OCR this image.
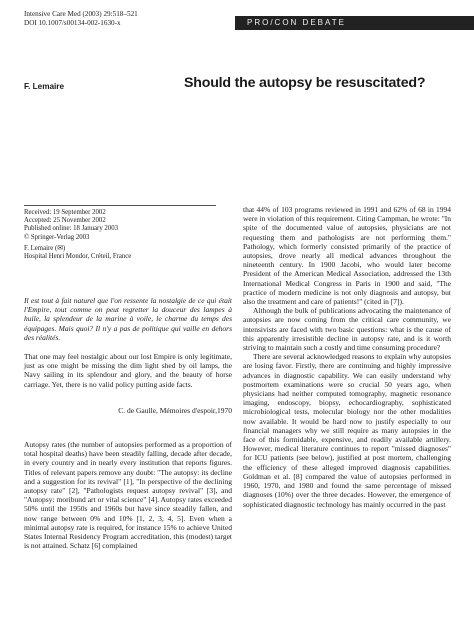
Intensive Care Med (2003) 29:518–521
DOI 10.1007/s00134-002-1630-x	PRO/CON DEBATE
F. Lemaire	Should the autopsy be resuscitated?
Received: 19 September 2002
Accepted: 25 November 2002
Published online: 18 January 2003
© Springer-Verlag 2003
F. Lemaire (✉)
Hospital Henri Mondor, Créteil, France
Il est tout à fait naturel que l'on ressente la nostalgie de ce qui était l'Empire, tout comme on peut regretter la douceur des lampes à huile, la splendeur de la marine à voile, le charme du temps des équipages. Mais quoi? Il n'y a pas de politique qui vaille en dehors des réalités.

That one may feel nostalgic about our lost Empire is only legitimate, just as one might be missing the dim light shed by oil lamps, the Navy sailing in its splendour and glory, and the beauty of horse carriage. Yet, there is no valid policy putting aside facts.

C. de Gaulle, Mémoires d'espoir,1970

Autopsy rates (the number of autopsies performed as a proportion of total hospital deaths) have been steadily falling, decade after decade, in every country and in nearly every institution that reports figures. Titles of relevant papers remove any doubt: "The autopsy: its decline and a suggestion for its revival" [1], "In perspective of the declining autopsy rate" [2], "Pathologists request autopsy revival" [3], and "Autopsy: moribund art or vital science" [4]. Autopsy rates exceeded 50% until the 1950s and 1960s but have since steadily fallen, and now range between 0% and 10% [1, 2, 3, 4, 5]. Even when a minimal autopsy rate is required, for instance 15% to achieve United States Internal Residency Program accreditation, this (modest) target is not attained. Schatz [6] complained

that 44% of 103 programs reviewed in 1991 and 62% of 68 in 1994 were in violation of this requirement. Citing Campman, he wrote: "In spite of the documented value of autopsies, physicians are not requesting them and pathologists are not performing them." Pathology, which formerly consisted primarily of the practice of autopsies, drove nearly all medical advances throughout the nineteenth century. In 1900 Jacobi, who would later become President of the American Medical Association, addressed the 13th International Medical Congress in Paris in 1900 and said, "The practice of modern medicine is not only diagnosis and autopsy, but also the treatment and care of patients!" (cited in [7]).

Although the bulk of publications advocating the maintenance of autopsies are now coming from the critical care community, we intensivists are faced with two basic questions: what is the cause of this apparently irresistible decline in autopsy rate, and is it worth striving to maintain such a costly and time consuming procedure?

There are several acknowledged reasons to explain why autopsies are losing favor. Firstly, there are continuing and highly impressive advances in diagnostic capability. We can easily understand why postmortem examinations were so crucial 50 years ago, when physicians had neither computed tomography, magnetic resonance imaging, endoscopy, biopsy, echocardiography, sophisticated microbiological tests, molecular biology nor the other modalities now available. It would be hard now to justify especially to our financial managers why we still require as many autopsies in the face of this formidable, expensive, and readily available artillery. However, medical literature continues to report "missed diagnoses" for ICU patients (see below), justified at post mortem, challenging the efficiency of these alleged improved diagnosis capabilities. Goldman et al. [8] compared the value of autopsies performed in 1960, 1970, and 1980 and found the same percentage of missed diagnoses (10%) over the three decades. However, the emergence of sophisticated diagnostic technology has mainly occurred in the past
